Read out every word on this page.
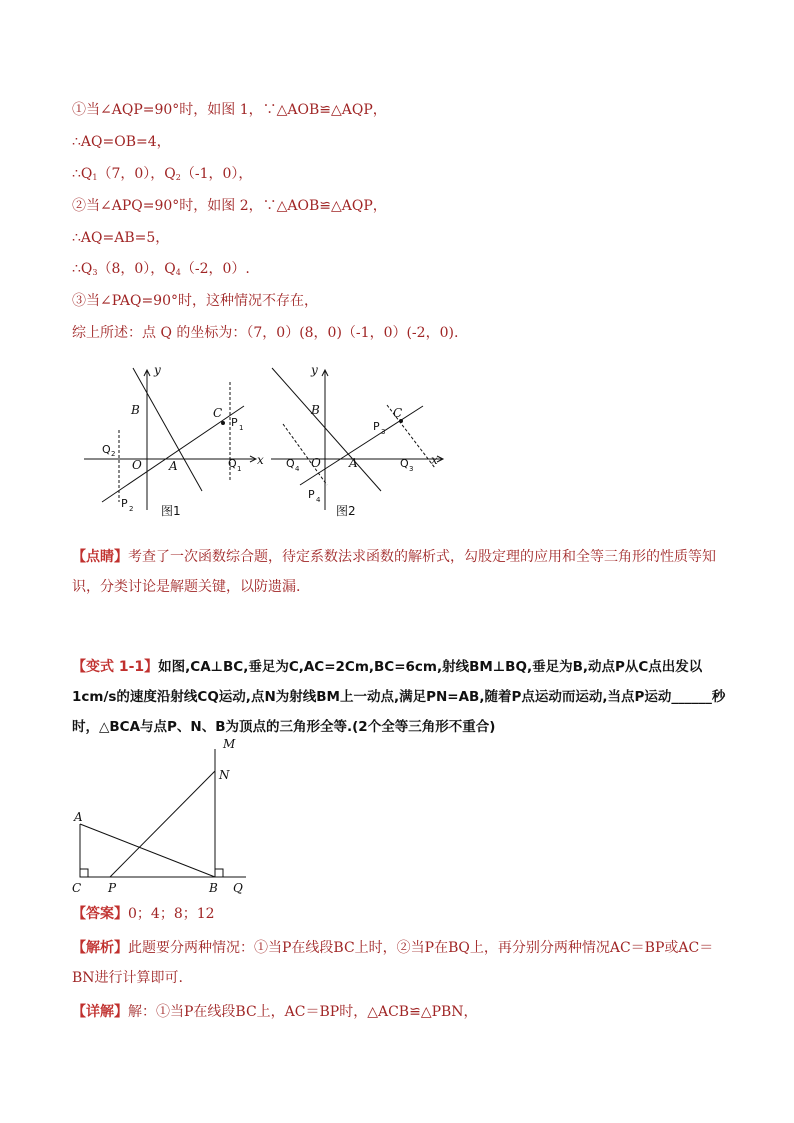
①当∠AQP=90°时，如图 1，∵△AOB≌△AQP，
∴AQ=OB=4，
$\therefore Q_1(7$，0），$Q_2(-1$，0），
②当∠APQ=90°时，如图 2，∵△AOB≌△AQP，
∴AQ=AB=5，
$\therefore Q_3(8$，0），$Q_4(-2$，0）.
③当∠PAQ=90°时，这种情况不存在，
综上所述：点 Q 的坐标为：（7，0）(8，0)（-1，0）(-2，0).
y
x
B	C
O A
P 1
P 2
Q 1
Q 2
图1
y
x
B	C
O A
P 3
P 4
Q 3
Q 4
图2
【点睛】考查了一次函数综合题，待定系数法求函数的解析式，勾股定理的应用和全等三角形的性质等知识，分类讨论是解题关键，以防遗漏.
【变式 1-1】如图,CA⊥BC,垂足为C,AC=2Cm,BC=6cm,射线BM⊥BQ,垂足为B,动点P从C点出发以1cm/s的速度沿射线CQ运动,点N为射线BM上一动点,满足PN=AB,随着P点运动而运动,当点P运动______秒时，△BCA与点P、N、B为顶点的三角形全等.(2个全等三角形不重合)
M
N
A
C P	B Q
【答案】0；4；8；12
【解析】此题要分两种情况：①当P在线段BC上时，②当P在BQ上，再分别分两种情况AC＝BP或AC＝BN进行计算即可.
【详解】解：①当P在线段BC上，AC＝BP时，△ACB≌△PBN，
